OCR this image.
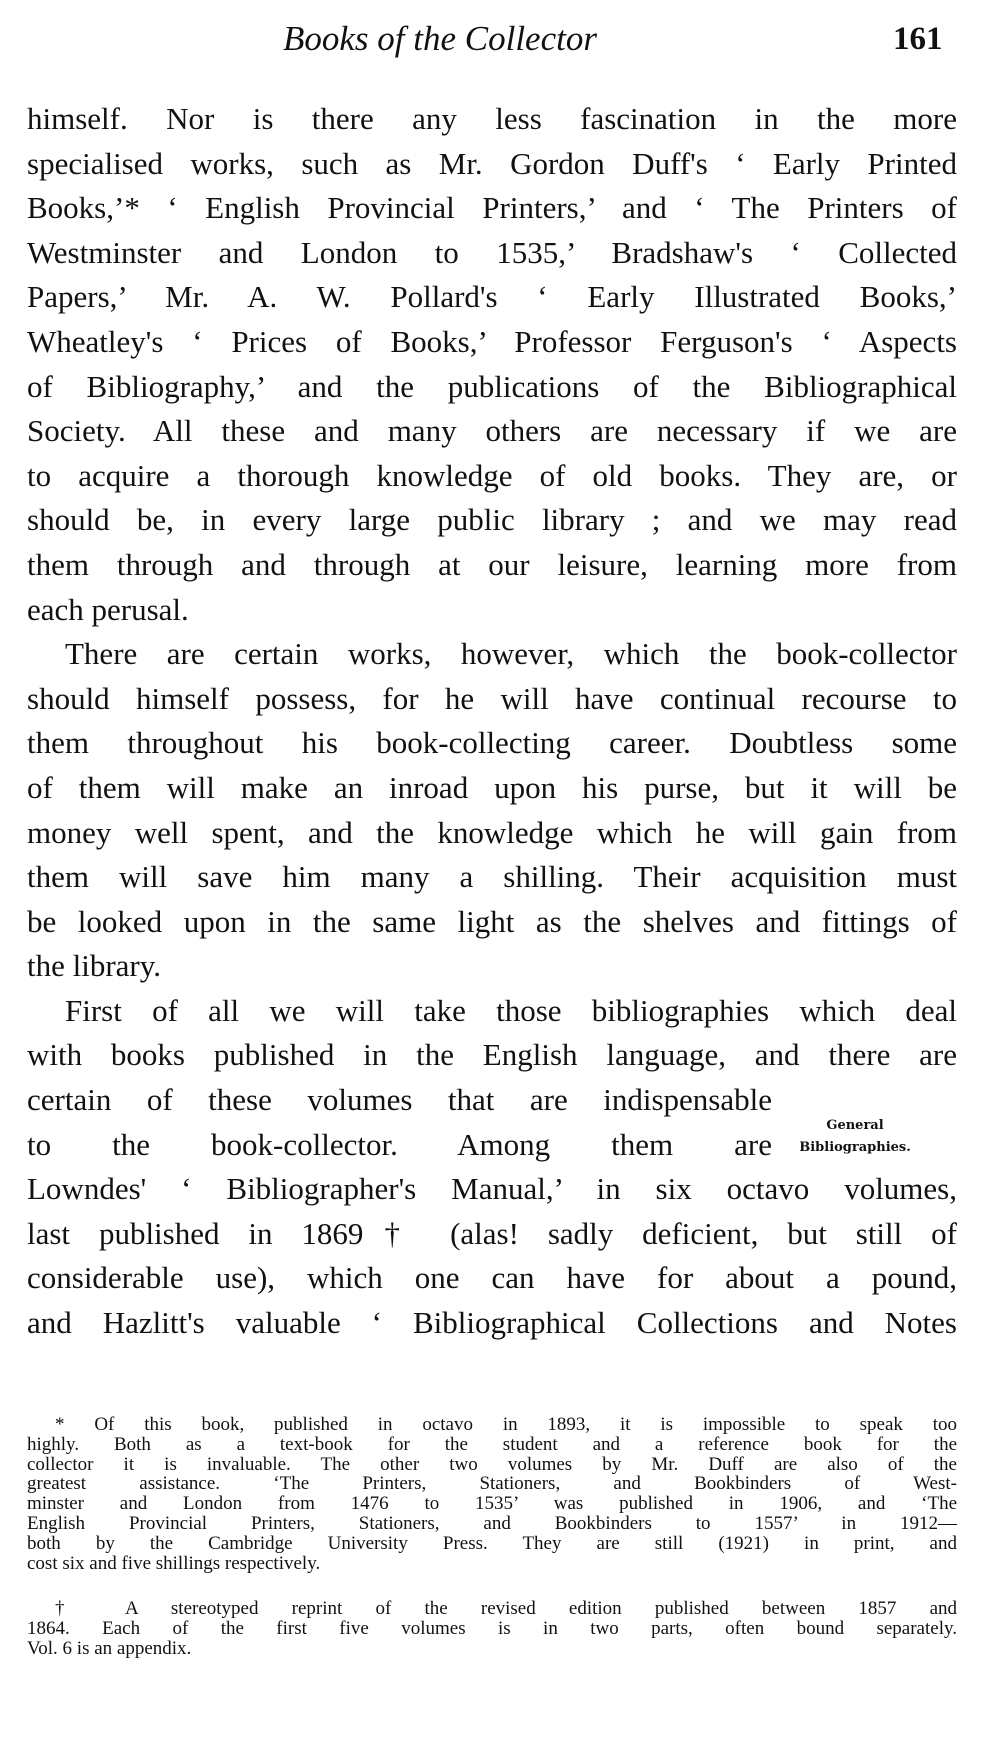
Books of the Collector	161
himself. Nor is there any less fascination in the more
specialised works, such as Mr. Gordon Duff's ‘ Early Printed
Books,’* ‘ English Provincial Printers,’ and ‘ The Printers of
Westminster and London to 1535,’ Bradshaw's ‘ Collected
Papers,’ Mr. A. W. Pollard's ‘ Early Illustrated Books,’
Wheatley's ‘ Prices of Books,’ Professor Ferguson's ‘ Aspects
of Bibliography,’ and the publications of the Bibliographical
Society. All these and many others are necessary if we are
to acquire a thorough knowledge of old books. They are, or
should be, in every large public library ; and we may read
them through and through at our leisure, learning more from
each perusal.
There are certain works, however, which the book-collector
should himself possess, for he will have continual recourse to
them throughout his book-collecting career. Doubtless some
of them will make an inroad upon his purse, but it will be
money well spent, and the knowledge which he will gain from
them will save him many a shilling. Their acquisition must
be looked upon in the same light as the shelves and fittings of
the library.
First of all we will take those bibliographies which deal
with books published in the English language, and there are
certain of these volumes that are indispensable
to the book-collector. Among them are
Lowndes' ‘ Bibliographer's Manual,’ in six octavo volumes,
last published in 1869† (alas! sadly deficient, but still of
considerable use), which one can have for about a pound,
and Hazlitt's valuable ‘ Bibliographical Collections and Notes
General
Bibliographies.
* Of this book, published in octavo in 1893, it is impossible to speak too
highly. Both as a text-book for the student and a reference book for the
collector it is invaluable. The other two volumes by Mr. Duff are also of the
greatest assistance. ‘The Printers, Stationers, and Bookbinders of West-
minster and London from 1476 to 1535’ was published in 1906, and ‘The
English Provincial Printers, Stationers, and Bookbinders to 1557’ in 1912—
both by the Cambridge University Press. They are still (1921) in print, and
cost six and five shillings respectively.
† A stereotyped reprint of the revised edition published between 1857 and
1864. Each of the first five volumes is in two parts, often bound separately.
Vol. 6 is an appendix.
